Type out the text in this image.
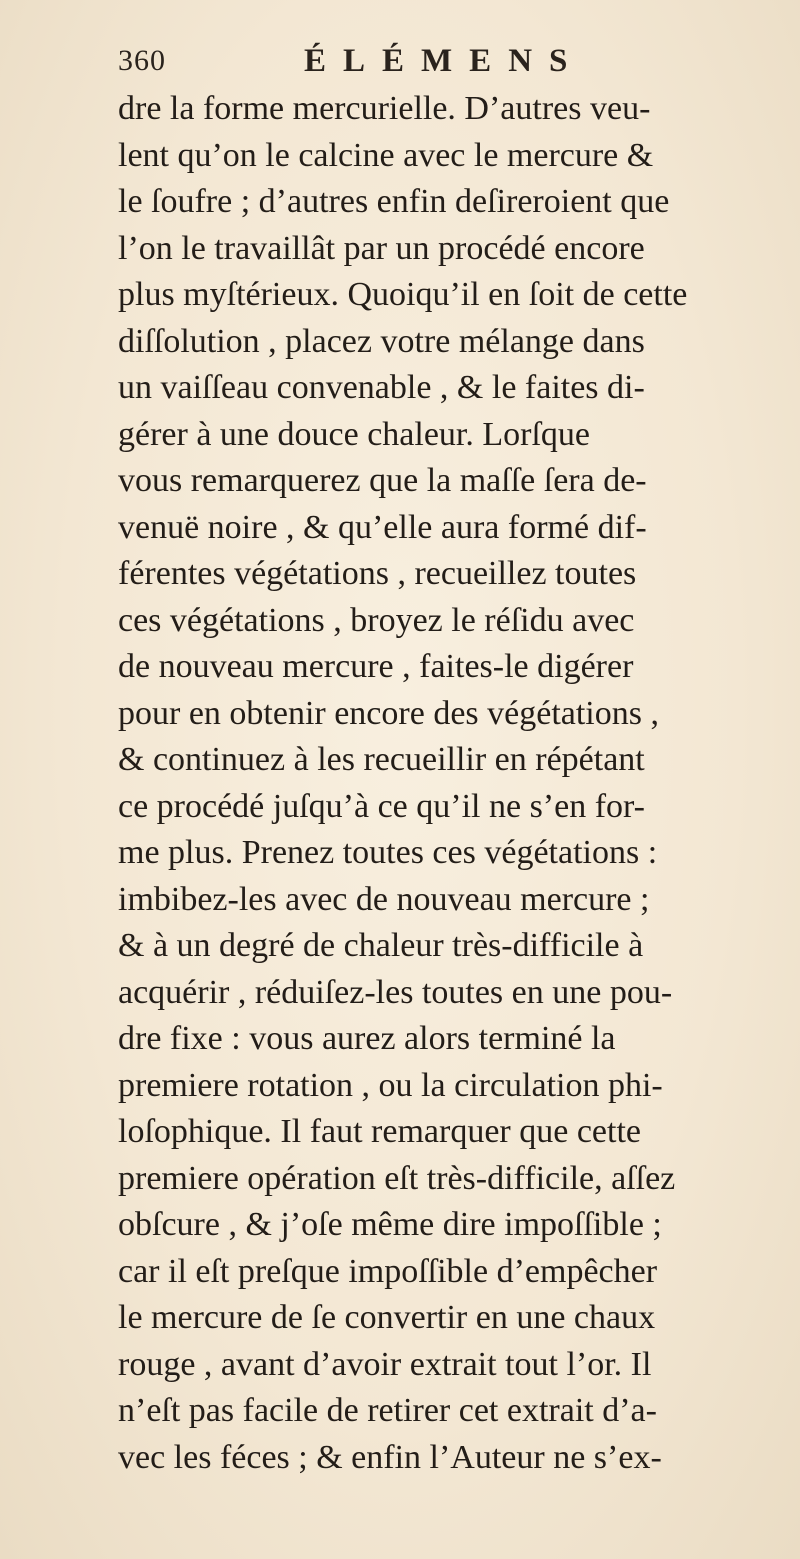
360	ÉLÉMENS
dre la forme mercurielle. D’autres veu-
lent qu’on le calcine avec le mercure &
le ſoufre ; d’autres enfin deſireroient que
l’on le travaillât par un procédé encore
plus myſtérieux. Quoiqu’il en ſoit de cette
diſſolution , placez votre mélange dans
un vaiſſeau convenable , & le faites di-
gérer à une douce chaleur. Lorſque
vous remarquerez que la maſſe ſera de-
venuë noire , & qu’elle aura formé dif-
férentes végétations , recueillez toutes
ces végétations , broyez le réſidu avec
de nouveau mercure , faites-le digérer
pour en obtenir encore des végétations ,
& continuez à les recueillir en répétant
ce procédé juſqu’à ce qu’il ne s’en for-
me plus. Prenez toutes ces végétations :
imbibez-les avec de nouveau mercure ;
& à un degré de chaleur très-difficile à
acquérir , réduiſez-les toutes en une pou-
dre fixe : vous aurez alors terminé la
premiere rotation , ou la circulation phi-
loſophique. Il faut remarquer que cette
premiere opération eſt très-difficile, aſſez
obſcure , & j’oſe même dire impoſſible ;
car il eſt preſque impoſſible d’empêcher
le mercure de ſe convertir en une chaux
rouge , avant d’avoir extrait tout l’or. Il
n’eſt pas facile de retirer cet extrait d’a-
vec les féces ; & enfin l’Auteur ne s’ex-
